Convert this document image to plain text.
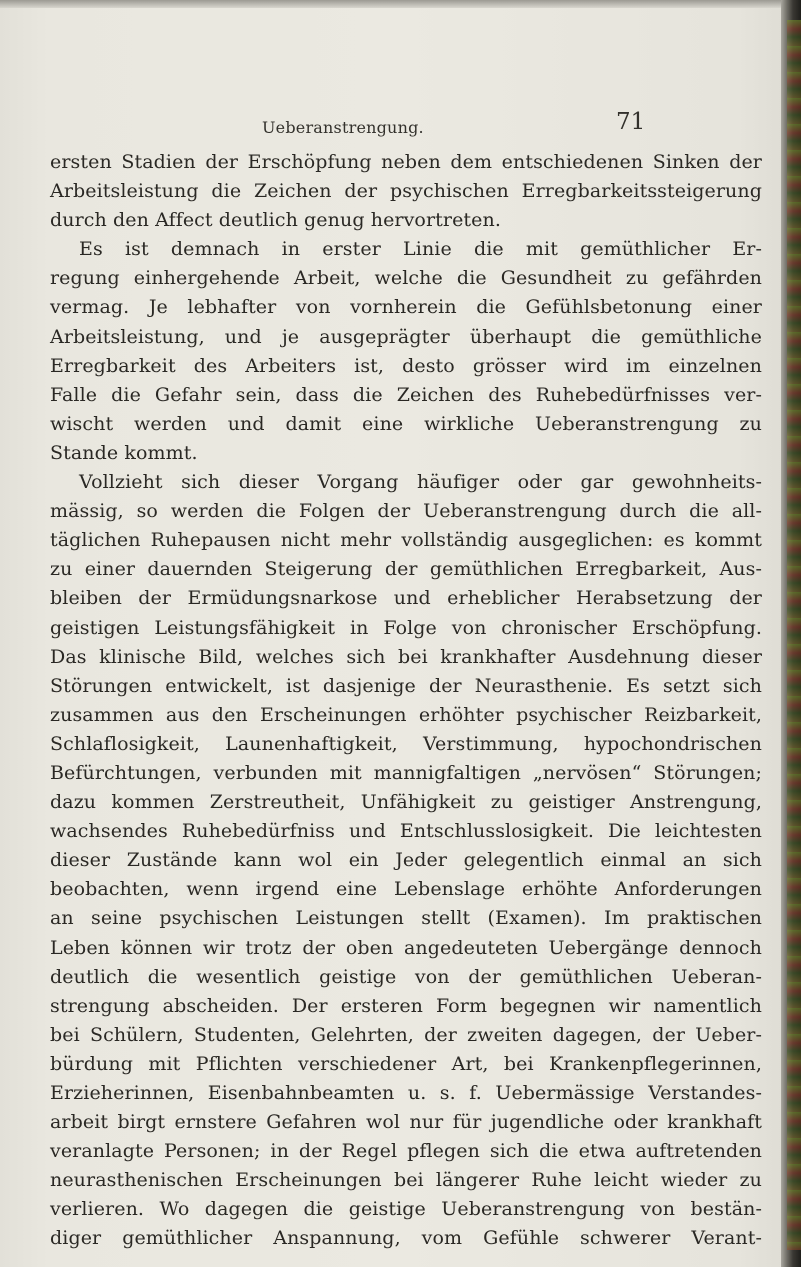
Ueberanstrengung.	71
ersten Stadien der Erschöpfung neben dem entschiedenen Sinken der
Arbeitsleistung die Zeichen der psychischen Erregbarkeitssteigerung
durch den Affect deutlich genug hervortreten.
Es ist demnach in erster Linie die mit gemüthlicher Er-
regung einhergehende Arbeit, welche die Gesundheit zu gefährden
vermag. Je lebhafter von vornherein die Gefühlsbetonung einer
Arbeitsleistung, und je ausgeprägter überhaupt die gemüthliche
Erregbarkeit des Arbeiters ist, desto grösser wird im einzelnen
Falle die Gefahr sein, dass die Zeichen des Ruhebedürfnisses ver-
wischt werden und damit eine wirkliche Ueberanstrengung zu
Stande kommt.
Vollzieht sich dieser Vorgang häufiger oder gar gewohnheits-
mässig, so werden die Folgen der Ueberanstrengung durch die all-
täglichen Ruhepausen nicht mehr vollständig ausgeglichen: es kommt
zu einer dauernden Steigerung der gemüthlichen Erregbarkeit, Aus-
bleiben der Ermüdungsnarkose und erheblicher Herabsetzung der
geistigen Leistungsfähigkeit in Folge von chronischer Erschöpfung.
Das klinische Bild, welches sich bei krankhafter Ausdehnung dieser
Störungen entwickelt, ist dasjenige der Neurasthenie. Es setzt sich
zusammen aus den Erscheinungen erhöhter psychischer Reizbarkeit,
Schlaflosigkeit, Launenhaftigkeit, Verstimmung, hypochondrischen
Befürchtungen, verbunden mit mannigfaltigen „nervösen“ Störungen;
dazu kommen Zerstreutheit, Unfähigkeit zu geistiger Anstrengung,
wachsendes Ruhebedürfniss und Entschlusslosigkeit. Die leichtesten
dieser Zustände kann wol ein Jeder gelegentlich einmal an sich
beobachten, wenn irgend eine Lebenslage erhöhte Anforderungen
an seine psychischen Leistungen stellt (Examen). Im praktischen
Leben können wir trotz der oben angedeuteten Uebergänge dennoch
deutlich die wesentlich geistige von der gemüthlichen Ueberan-
strengung abscheiden. Der ersteren Form begegnen wir namentlich
bei Schülern, Studenten, Gelehrten, der zweiten dagegen, der Ueber-
bürdung mit Pflichten verschiedener Art, bei Krankenpflegerinnen,
Erzieherinnen, Eisenbahnbeamten u. s. f. Uebermässige Verstandes-
arbeit birgt ernstere Gefahren wol nur für jugendliche oder krankhaft
veranlagte Personen; in der Regel pflegen sich die etwa auftretenden
neurasthenischen Erscheinungen bei längerer Ruhe leicht wieder zu
verlieren. Wo dagegen die geistige Ueberanstrengung von bestän-
diger gemüthlicher Anspannung, vom Gefühle schwerer Verant-
